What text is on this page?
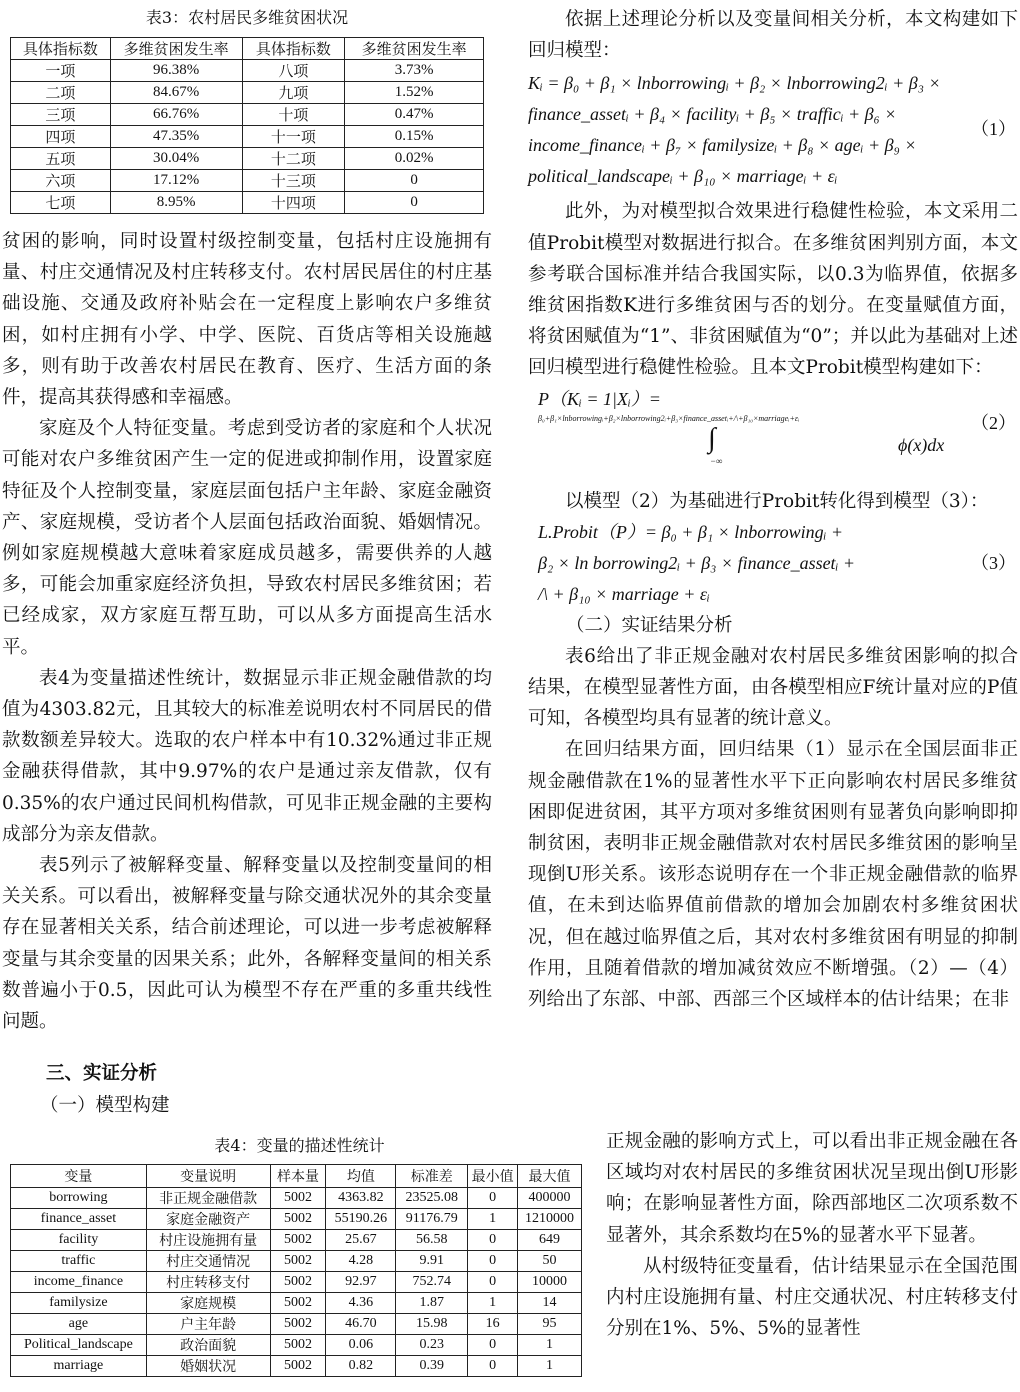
表3：农村居民多维贫困状况
具体指标数	多维贫困发生率	具体指标数	多维贫困发生率
一项	96.38%	八项	3.73%
二项	84.67%	九项	1.52%
三项	66.76%	十项	0.47%
四项	47.35%	十一项	0.15%
五项	30.04%	十二项	0.02%
六项	17.12%	十三项	0
七项	8.95%	十四项	0

贫困的影响，同时设置村级控制变量，包括村庄设施拥有量、村庄交通情况及村庄转移支付。农村居民居住的村庄基础设施、交通及政府补贴会在一定程度上影响农户多维贫困，如村庄拥有小学、中学、医院、百货店等相关设施越多，则有助于改善农村居民在教育、医疗、生活方面的条件，提高其获得感和幸福感。

家庭及个人特征变量。考虑到受访者的家庭和个人状况可能对农户多维贫困产生一定的促进或抑制作用，设置家庭特征及个人控制变量，家庭层面包括户主年龄、家庭金融资产、家庭规模，受访者个人层面包括政治面貌、婚姻情况。例如家庭规模越大意味着家庭成员越多，需要供养的人越多，可能会加重家庭经济负担，导致农村居民多维贫困；若已经成家，双方家庭互帮互助，可以从多方面提高生活水平。

表4为变量描述性统计，数据显示非正规金融借款的均值为4303.82元，且其较大的标准差说明农村不同居民的借款数额差异较大。选取的农户样本中有10.32%通过非正规金融获得借款，其中9.97%的农户是通过亲友借款，仅有0.35%的农户通过民间机构借款，可见非正规金融的主要构成部分为亲友借款。

表5列示了被解释变量、解释变量以及控制变量间的相关关系。可以看出，被解释变量与除交通状况外的其余变量存在显著相关关系，结合前述理论，可以进一步考虑被解释变量与其余变量的因果关系；此外，各解释变量间的相关系数普遍小于0.5，因此可认为模型不存在严重的多重共线性问题。

三、实证分析
（一）模型构建
表4：变量的描述性统计
变量	变量说明	样本量	均值	标准差	最小值	最大值
borrowing	非正规金融借款	5002	4363.82	23525.08	0	400000
finance_asset	家庭金融资产	5002	55190.26	91176.79	1	1210000
facility	村庄设施拥有量	5002	25.67	56.58	0	649
traffic	村庄交通情况	5002	4.28	9.91	0	50
income_finance	村庄转移支付	5002	92.97	752.74	0	10000
familysize	家庭规模	5002	4.36	1.87	1	14
age	户主年龄	5002	46.70	15.98	16	95
Political_landscape	政治面貌	5002	0.06	0.23	0	1
marriage	婚姻状况	5002	0.82	0.39	0	1

依据上述理论分析以及变量间相关分析，本文构建如下回归模型：

Kᵢ = β₀ + β₁ × lnborrowingᵢ + β₂ × lnborrowing2ᵢ + β₃ ×
finance_assetᵢ + β₄ × facilityᵢ + β₅ × trafficᵢ + β₆ ×
income_financeᵢ + β₇ × familysizeᵢ + β₈ × ageᵢ + β₉ ×
political_landscapeᵢ + β₁₀ × marriageᵢ + εᵢ
（1）

此外，为对模型拟合效果进行稳健性检验，本文采用二值Probit模型对数据进行拟合。在多维贫困判别方面，本文参考联合国标准并结合我国实际，以0.3为临界值，依据多维贫困指数K进行多维贫困与否的划分。在变量赋值方面，将贫困赋值为“1”、非贫困赋值为“0”；并以此为基础对上述回归模型进行稳健性检验。且本文Probit模型构建如下：

P（Kᵢ = 1|Xᵢ）=
β₀+β₁×lnborrowingᵢ+β₂×lnborrowing2ᵢ+β₃×finance_assetᵢ+/\+β₁₀×marriageᵢ+εᵢ
∫
−∞
ϕ(x)dx
（2）

以模型（2）为基础进行Probit转化得到模型（3）：

L.Probit（P）= β₀ + β₁ × lnborrowingᵢ +
β₂ × ln borrowing2ᵢ + β₃ × finance_assetᵢ +
/\ + β₁₀ × marriage + εᵢ
（3）
（二）实证结果分析

表6给出了非正规金融对农村居民多维贫困影响的拟合结果，在模型显著性方面，由各模型相应F统计量对应的P值可知，各模型均具有显著的统计意义。

在回归结果方面，回归结果（1）显示在全国层面非正规金融借款在1%的显著性水平下正向影响农村居民多维贫困即促进贫困，其平方项对多维贫困则有显著负向影响即抑制贫困，表明非正规金融借款对农村居民多维贫困的影响呈现倒U形关系。该形态说明存在一个非正规金融借款的临界值，在未到达临界值前借款的增加会加剧农村多维贫困状况，但在越过临界值之后，其对农村多维贫困有明显的抑制作用，且随着借款的增加减贫效应不断增强。（2）—（4）列给出了东部、中部、西部三个区域样本的估计结果；在非

正规金融的影响方式上，可以看出非正规金融在各区域均对农村居民的多维贫困状况呈现出倒U形影响；在影响显著性方面，除西部地区二次项系数不显著外，其余系数均在5%的显著水平下显著。

从村级特征变量看，估计结果显示在全国范围内村庄设施拥有量、村庄交通状况、村庄转移支付分别在1%、5%、5%的显著性
